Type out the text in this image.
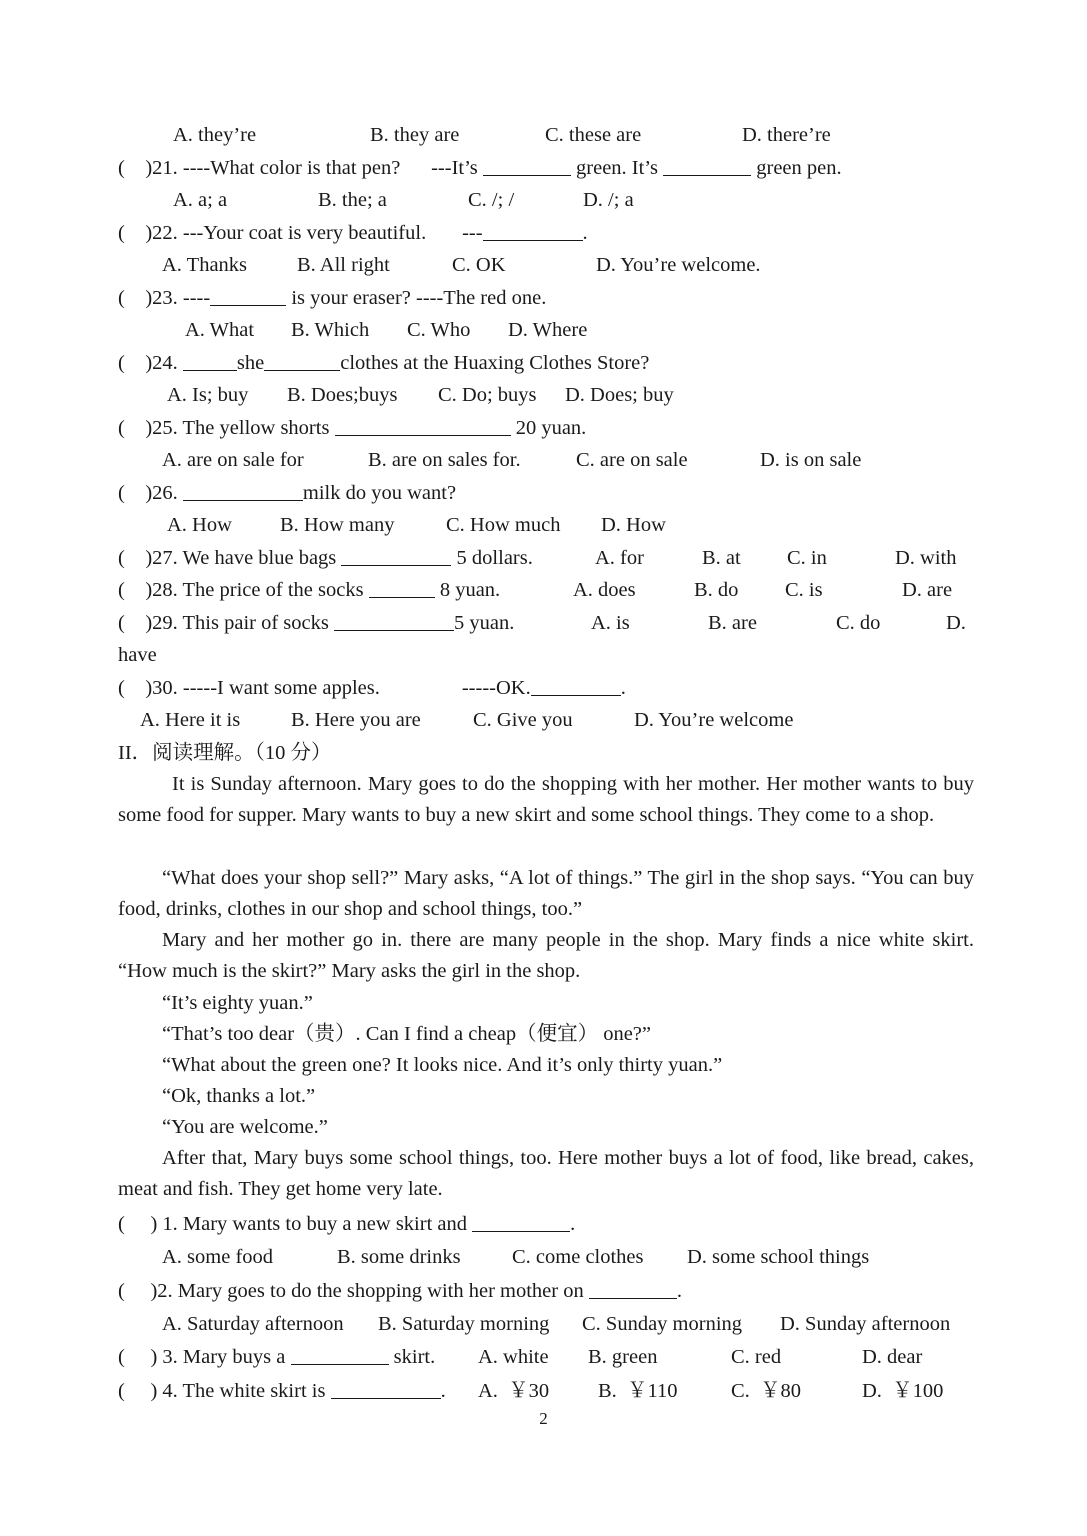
A. they’re	B. they are	C. these are	D. there’re
(    )21. ----What color is that pen?      ---It’s	green. It’s	green pen.
A. a; a	B. the; a	C. /; /	D. /; a
(    )22. ---Your coat is very beautiful.       ---	.
A. Thanks B. All right	C. OK	D. You’re welcome.
(    )23. ----	is your eraser? ----The red one.
A. What B. Which C. Who D. Where
(    )24.	she	clothes at the Huaxing Clothes Store?
A. Is; buy B. Does;buys C. Do; buys D. Does; buy
(    )25. The yellow shorts	20 yuan.
A. are on sale for	B. are on sales for.	C. are on sale	D. is on sale
(    )26.	milk do you want?
A. How B. How many	C. How much D. How
(    )27. We have blue bags	5 dollars.	A. for	B. at C. in	D. with
(    )28. The price of the socks	8 yuan.	A. does	B. do C. is	D. are
(    )29. This pair of socks	5 yuan.	A. is	B. are	C. do	D.
have
(    )30. -----I want some apples.                -----OK.	.
A. Here it is B. Here you are	C. Give you	D. You’re welcome
II．阅读理解。（10 分）
It is Sunday afternoon. Mary goes to do the shopping with her mother. Her mother wants to buy some food for supper. Mary wants to buy a new skirt and some school things. They come to a shop.
“What does your shop sell?” Mary asks, “A lot of things.” The girl in the shop says. “You can buy food, drinks, clothes in our shop and school things, too.”
Mary and her mother go in. there are many people in the shop. Mary finds a nice white skirt. “How much is the skirt?” Mary asks the girl in the shop.
“It’s eighty yuan.”
“That’s too dear（贵）. Can I find a cheap（便宜） one?”
“What about the green one? It looks nice. And it’s only thirty yuan.”
“Ok, thanks a lot.”
“You are welcome.”
After that, Mary buys some school things, too. Here mother buys a lot of food, like bread, cakes, meat and fish. They get home very late.
(     ) 1. Mary wants to buy a new skirt and	.
A. some food	B. some drinks	C. come clothes D. some school things
(     )2. Mary goes to do the shopping with her mother on	.
A. Saturday afternoon B. Saturday morning C. Sunday morning D. Sunday afternoon
(     ) 3. Mary buys a	skirt. A. white B. green	C. red	D. dear
(     ) 4. The white skirt is	. A.  ￥30 B.  ￥110	C.  ￥80	D.  ￥100
2
